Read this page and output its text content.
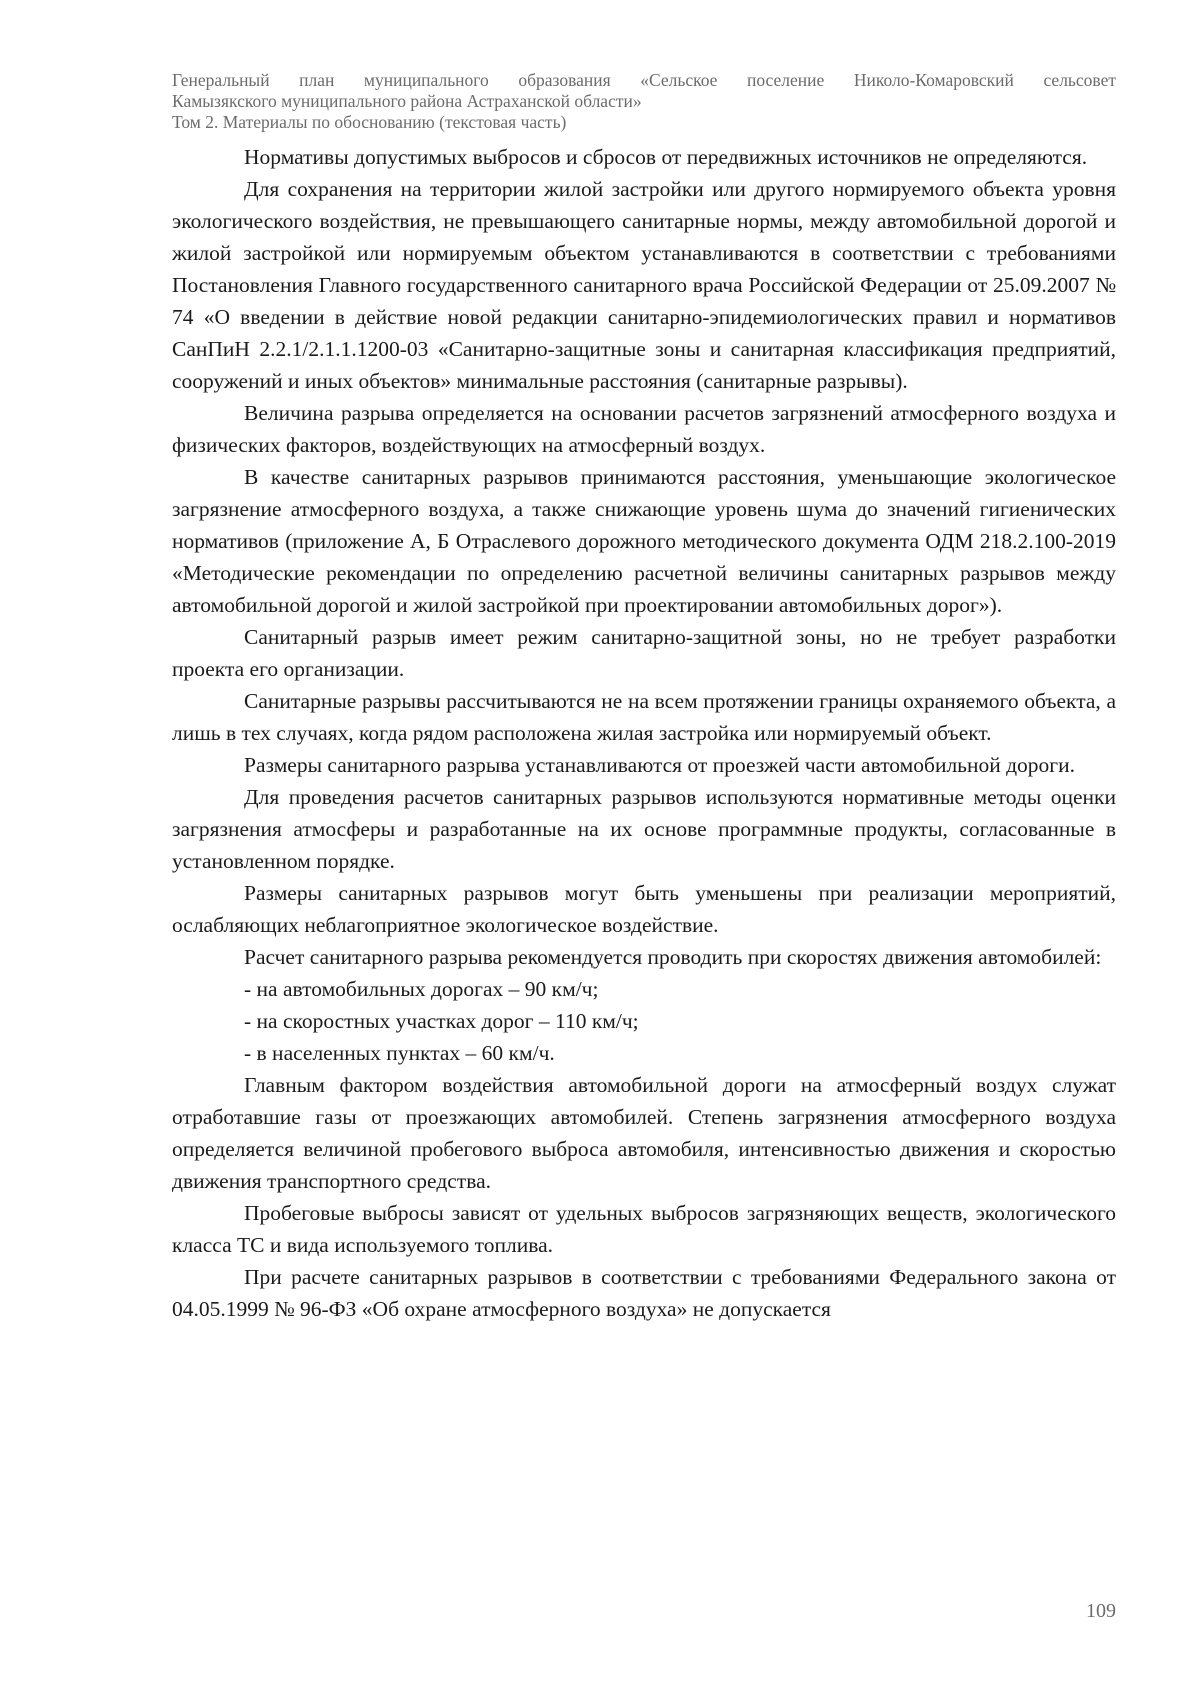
Генеральный план муниципального образования «Сельское поселение Николо-Комаровский сельсовет
Камызякского муниципального района Астраханской области»
Том 2. Материалы по обоснованию (текстовая часть)

Нормативы допустимых выбросов и сбросов от передвижных источников не определяются.

Для сохранения на территории жилой застройки или другого нормируемого объекта уровня экологического воздействия, не превышающего санитарные нормы, между автомобильной дорогой и жилой застройкой или нормируемым объектом устанавливаются в соответствии с требованиями Постановления Главного государственного санитарного врача Российской Федерации от 25.09.2007 № 74 «О введении в действие новой редакции санитарно-эпидемиологических правил и нормативов СанПиН 2.2.1/2.1.1.1200-03 «Санитарно-защитные зоны и санитарная классификация предприятий, сооружений и иных объектов» минимальные расстояния (санитарные разрывы).

Величина разрыва определяется на основании расчетов загрязнений атмосферного воздуха и физических факторов, воздействующих на атмосферный воздух.

В качестве санитарных разрывов принимаются расстояния, уменьшающие экологическое загрязнение атмосферного воздуха, а также снижающие уровень шума до значений гигиенических нормативов (приложение А, Б Отраслевого дорожного методического документа ОДМ 218.2.100-2019 «Методические рекомендации по определению расчетной величины санитарных разрывов между автомобильной дорогой и жилой застройкой при проектировании автомобильных дорог»).

Санитарный разрыв имеет режим санитарно-защитной зоны, но не требует разработки проекта его организации.

Санитарные разрывы рассчитываются не на всем протяжении границы охраняемого объекта, а лишь в тех случаях, когда рядом расположена жилая застройка или нормируемый объект.

Размеры санитарного разрыва устанавливаются от проезжей части автомобильной дороги.

Для проведения расчетов санитарных разрывов используются нормативные методы оценки загрязнения атмосферы и разработанные на их основе программные продукты, согласованные в установленном порядке.

Размеры санитарных разрывов могут быть уменьшены при реализации мероприятий, ослабляющих неблагоприятное экологическое воздействие.

Расчет санитарного разрыва рекомендуется проводить при скоростях движения автомобилей:

- на автомобильных дорогах – 90 км/ч;

- на скоростных участках дорог – 110 км/ч;

- в населенных пунктах – 60 км/ч.

Главным фактором воздействия автомобильной дороги на атмосферный воздух служат отработавшие газы от проезжающих автомобилей. Степень загрязнения атмосферного воздуха определяется величиной пробегового выброса автомобиля, интенсивностью движения и скоростью движения транспортного средства.

Пробеговые выбросы зависят от удельных выбросов загрязняющих веществ, экологического класса ТС и вида используемого топлива.

При расчете санитарных разрывов в соответствии с требованиями Федерального закона от 04.05.1999 № 96-ФЗ «Об охране атмосферного воздуха» не допускается

109
